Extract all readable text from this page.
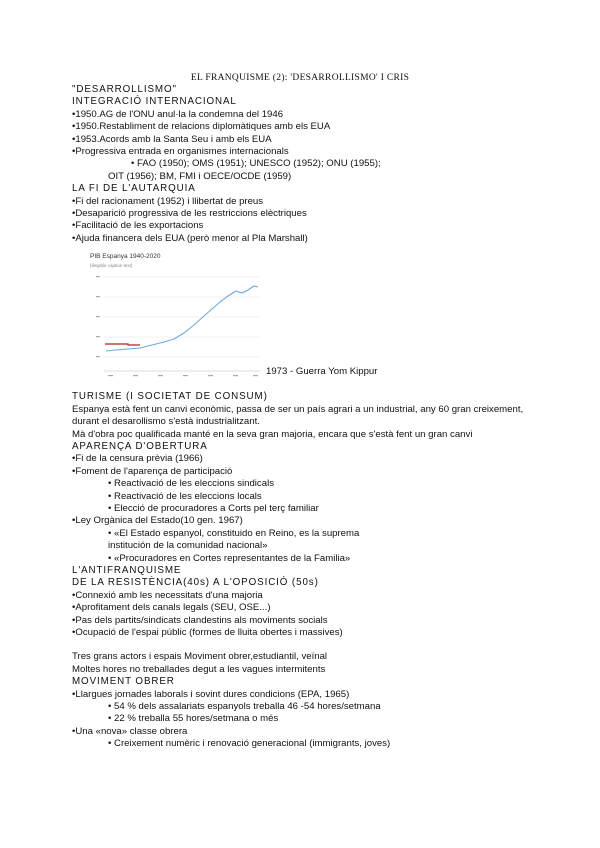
EL FRANQUISME (2): 'DESARROLLISMO' I CRIS
"DESARROLLISMO"
INTEGRACIÓ INTERNACIONAL
•1950.AG de l'ONU anul·la la condemna del 1946
•1950.Restabliment de relacions diplomàtiques amb els EUA
•1953.Acords amb la Santa Seu i amb els EUA
•Progressiva entrada en organismes internacionals
• FAO (1950); OMS (1951); UNESCO (1952); ONU (1955);
OIT (1956); BM, FMI i OECE/OCDE (1959)
LA FI DE L'AUTARQUIA
•Fi del racionament (1952) i llibertat de preus
•Desaparició progressiva de les restriccions elèctriques
•Facilitació de les exportacions
•Ajuda financera dels EUA (però menor al Pla Marshall)
PIB Espanya 1940-2020
(illegible caption text)
1973 - Guerra Yom Kippur
TURISME (I SOCIETAT DE CONSUM)
Espanya està fent un canvi econòmic, passa de ser un país agrari a un industrial, any 60 gran creixement,
durant el desarollismo s'està industrialitzant.
Mà d'obra poc qualificada manté en la seva gran majoria, encara que s'està fent un gran canvi
APARENÇA D'OBERTURA
•Fi de la censura prèvia (1966)
•Foment de l'aparença de participació
• Reactivació de les eleccions sindicals
• Reactivació de les eleccions locals
• Elecció de procuradores a Corts pel terç familiar
•Ley Orgànica del Estado(10 gen. 1967)
• «El Estado espanyol, constituido en Reino, es la suprema
institución de la comunidad nacional»
• «Procuradores en Cortes representantes de la Familia»
L'ANTIFRANQUISME
DE LA RESISTÈNCIA(40s) A L'OPOSICIÓ (50s)
•Connexió amb les necessitats d'una majoria
•Aprofitament dels canals legals (SEU, OSE...)
•Pas dels partits/sindicats clandestins als moviments socials
•Ocupació de l'espai públic (formes de lluita obertes i massives)
Tres grans actors i espais Moviment obrer,estudiantil, veïnal
Moltes hores no treballades degut a les vagues intermitents
MOVIMENT OBRER
•Llargues jornades laborals i sovint dures condicions (EPA, 1965)
• 54 % dels assalariats espanyols treballa 46 -54 hores/setmana
• 22 % treballa 55 hores/setmana o més
•Una «nova» classe obrera
• Creixement numèric i renovació generacional (immigrants, joves)
